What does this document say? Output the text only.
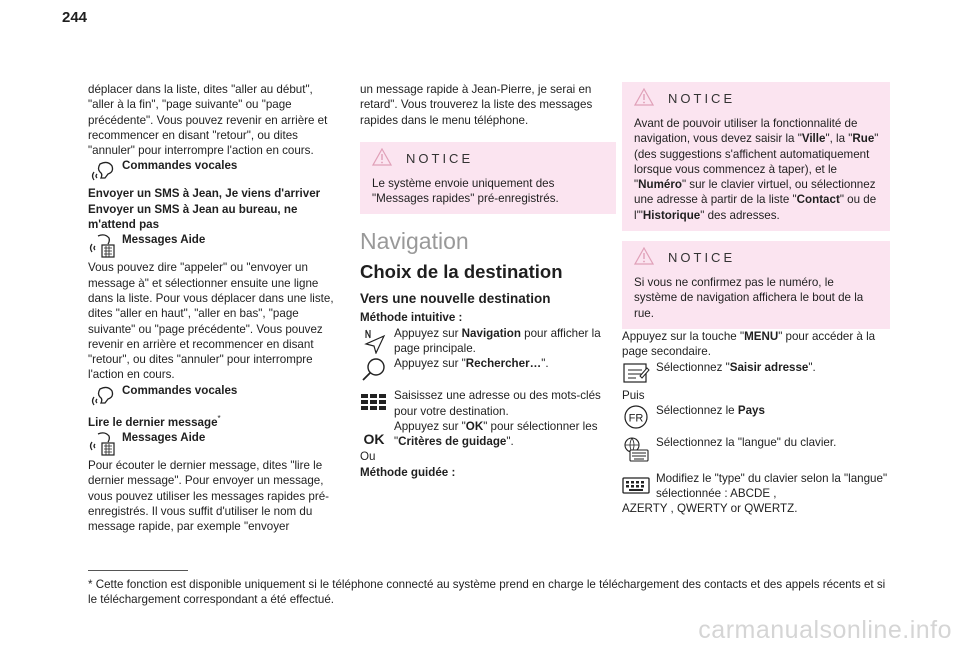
244

déplacer dans la liste, dites "aller au début", "aller à la fin", "page suivante" ou "page précédente". Vous pouvez revenir en arrière et recommencer en disant "retour", ou dites "annuler" pour interrompre l'action en cours.

Commandes vocales

Envoyer un SMS à Jean, Je viens d'arriver
Envoyer un SMS à Jean au bureau, ne m'attend pas

Messages Aide

Vous pouvez dire "appeler" ou "envoyer un message à" et sélectionner ensuite une ligne dans la liste. Pour vous déplacer dans une liste, dites "aller en haut", "aller en bas", "page suivante" ou "page précédente". Vous pouvez revenir en arrière et recommencer en disant "retour", ou dites "annuler" pour interrompre l'action en cours.

Commandes vocales

Lire le dernier message*

Messages Aide

Pour écouter le dernier message, dites "lire le dernier message". Pour envoyer un message, vous pouvez utiliser les messages rapides pré-enregistrés. Il vous suffit d'utiliser le nom du message rapide, par exemple "envoyer

un message rapide à Jean-Pierre, je serai en retard". Vous trouverez la liste des messages rapides dans le menu téléphone.

NOTICE
Le système envoie uniquement des "Messages rapides" pré-enregistrés.
Navigation
Choix de la destination
Vers une nouvelle destination

Méthode intuitive :

Appuyez sur Navigation pour afficher la page principale.
Appuyez sur "Rechercher…".
Saisissez une adresse ou des mots-clés pour votre destination.
OK
Appuyez sur "OK" pour sélectionner les "Critères de guidage".

Ou

Méthode guidée :

NOTICE
Avant de pouvoir utiliser la fonctionnalité de navigation, vous devez saisir la "Ville", la "Rue" (des suggestions s'affichent automatiquement lorsque vous commencez à taper), et le "Numéro" sur le clavier virtuel, ou sélectionnez une adresse à partir de la liste "Contact" ou de l'"Historique" des adresses.
NOTICE
Si vous ne confirmez pas le numéro, le système de navigation affichera le bout de la rue.

Appuyez sur la touche "MENU" pour accéder à la page secondaire.

Sélectionnez "Saisir adresse".

Puis

FR
Sélectionnez le Pays
Sélectionnez la "langue" du clavier.
Modifiez le "type" du clavier selon la "langue" sélectionnée : ABCDE ,

AZERTY , QWERTY or QWERTZ.

* Cette fonction est disponible uniquement si le téléphone connecté au système prend en charge le téléchargement des contacts et des appels récents et si le téléchargement correspondant a été effectué.
carmanualsonline.info
